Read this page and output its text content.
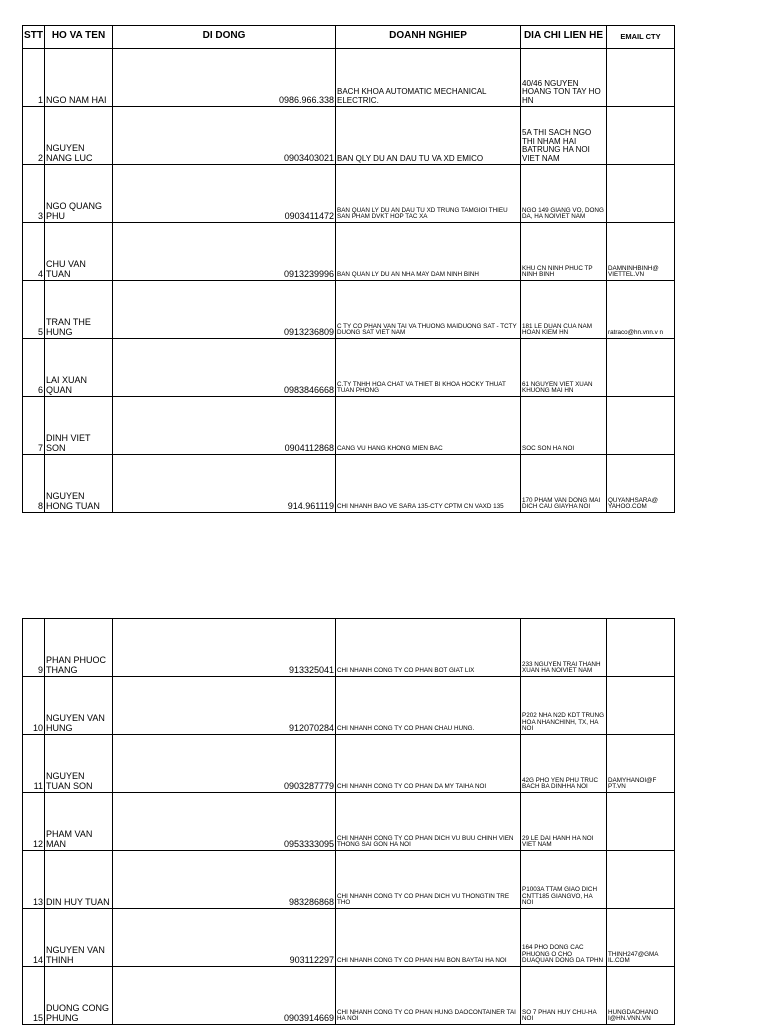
STT	HO VA TEN	DI DONG	DOANH NGHIEP	DIA CHI LIEN HE	EMAIL CTY
1	NGO NAM HAI	0986.966.338	BACH KHOA AUTOMATIC MECHANICAL ELECTRIC.	40/46 NGUYEN HOANG TON TAY HO HN	
2	NGUYEN NANG LUC	0903403021	BAN QLY DU AN DAU TU VA XD EMICO	5A THI SACH NGO THI NHAM HAI BATRUNG HA NOI VIET NAM	
3	NGO QUANG PHU	0903411472	BAN QUAN LY DU AN DAU TU XD TRUNG TAMGIOI THIEU SAN PHAM DVKT HOP TAC XA	NGO 149 GIANG VO, DONG DA, HA NOIVIET NAM	
4	CHU VAN TUAN	0913239996	BAN QUAN LY DU AN NHA MAY DAM NINH BINH	KHU CN NINH PHUC TP NINH BINH	DAMNINHBINH@ VIETTEL.VN
5	TRAN THE HUNG	0913236809	C TY CO PHAN VAN TAI VA THUONG MAIDUONG SAT - TCTY DUONG SAT VIET NAM	181 LE DUAN CUA NAM HOAN KIEM HN	ratraco@hn.vnn.v n
6	LAI XUAN QUAN	0983846668	C.TY TNHH HOA CHAT VA THIET BI KHOA HOCKY THUAT TUAN PHONG	61 NGUYEN VIET XUAN KHUONG MAI HN	
7	DINH VIET SON	0904112868	CANG VU HANG KHONG MIEN BAC	SOC SON HA NOI	
8	NGUYEN HONG TUAN	914.961119	CHI NHANH BAO VE SARA 135-CTY CPTM CN VAXD 135	170 PHAM VAN DONG MAI DICH CAU GIAYHA NOI	QUYANHSARA@ YAHOO.COM
9	PHAN PHUOC THANG	913325041	CHI NHANH CONG TY CO PHAN BOT GIAT LIX	233 NGUYEN TRAI THANH XUAN HA NOIVIET NAM	
10	NGUYEN VAN HUNG	912070284	CHI NHANH CONG TY CO PHAN CHAU HUNG.	P202 NHA N2D KDT TRUNG HOA NHANCHINH, TX, HA NOI	
11	NGUYEN TUAN SON	0903287779	CHI NHANH CONG TY CO PHAN DA MY TAIHA NOI	42G PHO YEN PHU TRUC BACH BA DINHHA NOI	DAMYHANOI@F PT.VN
12	PHAM VAN MAN	0953333095	CHI NHANH CONG TY CO PHAN DICH VU BUU CHINH VIEN THONG SAI GON HA NOI	29 LE DAI HANH HA NOI VIET NAM	
13	DIN HUY TUAN	983286868	CHI NHANH CONG TY CO PHAN DICH VU THONGTIN TRE THO	P1003A TTAM GIAO DICH CNTT185 GIANGVO, HA NOI	
14	NGUYEN VAN THINH	903112297	CHI NHANH CONG TY CO PHAN HAI BON BAYTAI HA NOI	164 PHO DONG CAC PHUONG O CHO DUAQUAN DONG DA TPHN	THINH247@GMA IL.COM
15	DUONG CONG PHUNG	0903914669	CHI NHANH CONG TY CO PHAN HUNG DAOCONTAINER TAI HA NOI	SO 7 PHAN HUY CHU-HA NOI	HUNGDAOHANO I@HN.VNN.VN
